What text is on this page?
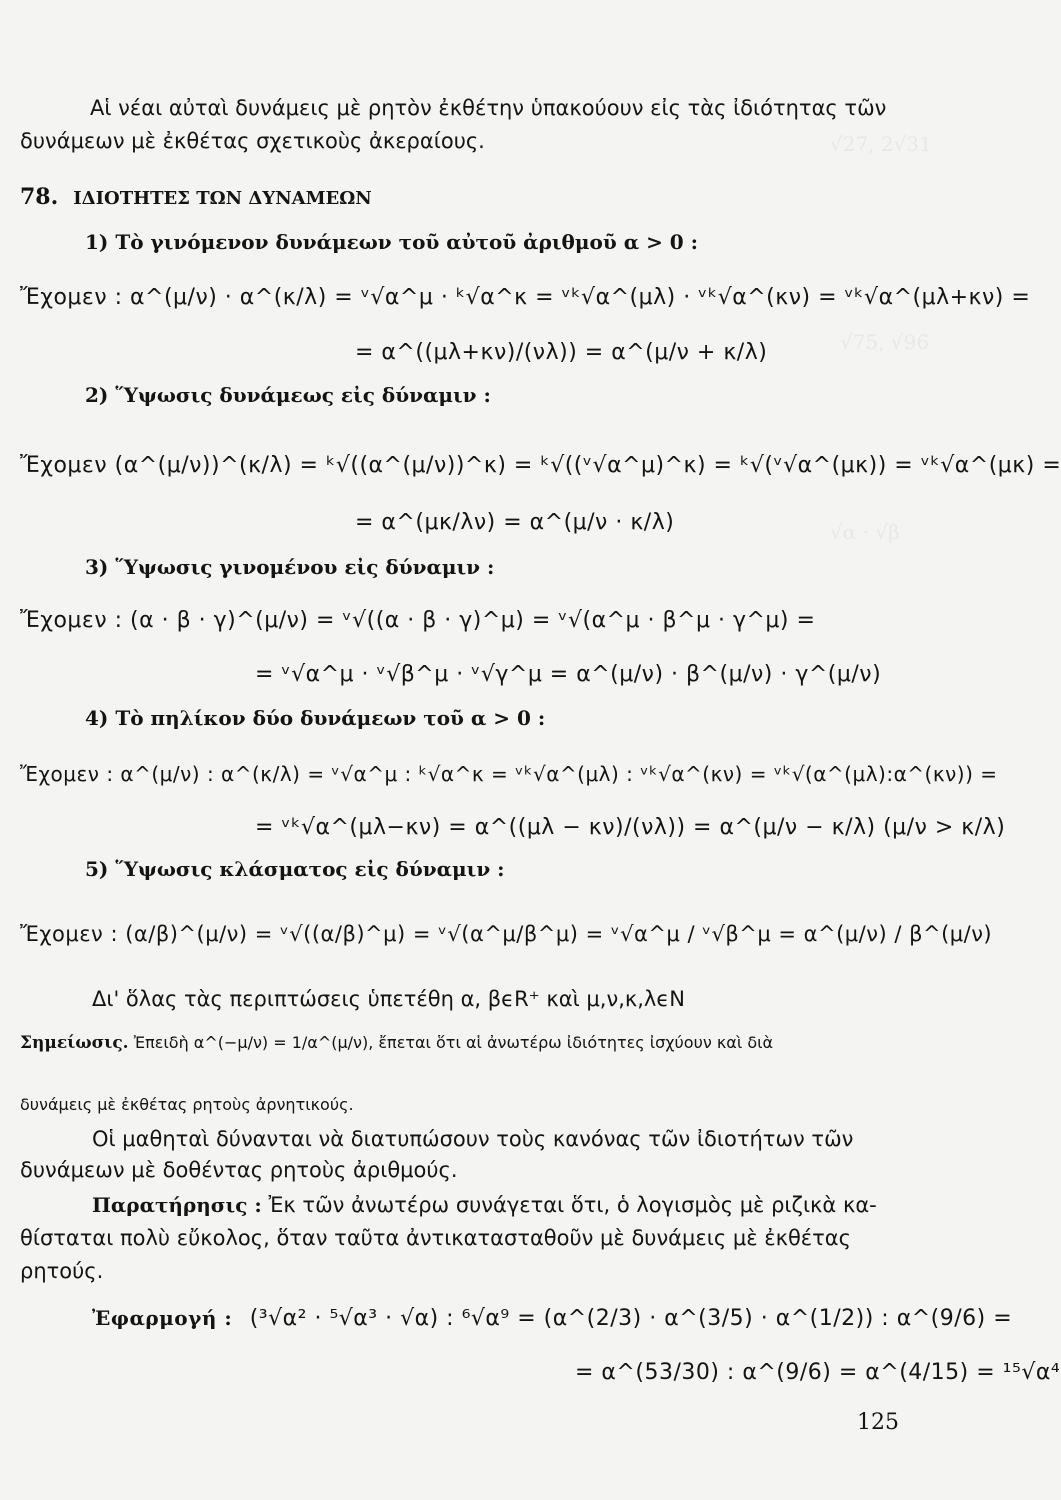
√27, 2√31
√75, √96
√α · √β
Αἱ νέαι αὐταὶ δυνάμεις μὲ ρητὸν ἐκθέτην ὑπακούουν εἰς τὰς ἰδιότητας τῶν
δυνάμεων μὲ ἐκθέτας σχετικοὺς ἀκεραίους.
78. ΙΔΙΟΤΗΤΕΣ ΤΩΝ ΔΥΝΑΜΕΩΝ
1) Τὸ γινόμενον δυνάμεων τοῦ αὐτοῦ ἀριθμοῦ α > 0 :
Ἔχομεν : α^(μ/ν) · α^(κ/λ) = ᵛ√α^μ · ᵏ√α^κ = ᵛᵏ√α^(μλ) · ᵛᵏ√α^(κν) = ᵛᵏ√α^(μλ+κν) =
= α^((μλ+κν)/(νλ)) = α^(μ/ν + κ/λ)
2) Ὕψωσις δυνάμεως εἰς δύναμιν :
Ἔχομεν (α^(μ/ν))^(κ/λ) = ᵏ√((α^(μ/ν))^κ) = ᵏ√((ᵛ√α^μ)^κ) = ᵏ√(ᵛ√α^(μκ)) = ᵛᵏ√α^(μκ) =
= α^(μκ/λν) = α^(μ/ν · κ/λ)
3) Ὕψωσις γινομένου εἰς δύναμιν :
Ἔχομεν : (α · β · γ)^(μ/ν) = ᵛ√((α · β · γ)^μ) = ᵛ√(α^μ · β^μ · γ^μ) =
= ᵛ√α^μ · ᵛ√β^μ · ᵛ√γ^μ = α^(μ/ν) · β^(μ/ν) · γ^(μ/ν)
4) Τὸ πηλίκον δύο δυνάμεων τοῦ α > 0 :
Ἔχομεν : α^(μ/ν) : α^(κ/λ) = ᵛ√α^μ : ᵏ√α^κ = ᵛᵏ√α^(μλ) : ᵛᵏ√α^(κν) = ᵛᵏ√(α^(μλ):α^(κν)) =
= ᵛᵏ√α^(μλ−κν) = α^((μλ − κν)/(νλ)) = α^(μ/ν − κ/λ) (μ/ν > κ/λ)
5) Ὕψωσις κλάσματος εἰς δύναμιν :
Ἔχομεν : (α/β)^(μ/ν) = ᵛ√((α/β)^μ) = ᵛ√(α^μ/β^μ) = ᵛ√α^μ / ᵛ√β^μ = α^(μ/ν) / β^(μ/ν)
Δι' ὅλας τὰς περιπτώσεις ὑπετέθη α, βϵR⁺ καὶ μ,ν,κ,λϵN
Σημείωσις. Ἐπειδὴ α^(−μ/ν) = 1/α^(μ/ν), ἔπεται ὅτι αἱ ἀνωτέρω ἰδιότητες ἰσχύουν καὶ διὰ
δυνάμεις μὲ ἐκθέτας ρητοὺς ἀρνητικούς.
Οἱ μαθηταὶ δύνανται νὰ διατυπώσουν τοὺς κανόνας τῶν ἰδιοτήτων τῶν
δυνάμεων μὲ δοθέντας ρητοὺς ἀριθμούς.
Παρατήρησις : Ἐκ τῶν ἀνωτέρω συνάγεται ὅτι, ὁ λογισμὸς μὲ ριζικὰ κα-
θίσταται πολὺ εὔκολος, ὅταν ταῦτα ἀντικατασταθοῦν μὲ δυνάμεις μὲ ἐκθέτας
ρητούς.
Ἐφαρμογή : (³√α² · ⁵√α³ · √α) : ⁶√α⁹ = (α^(2/3) · α^(3/5) · α^(1/2)) : α^(9/6) =
= α^(53/30) : α^(9/6) = α^(4/15) = ¹⁵√α⁴
125
